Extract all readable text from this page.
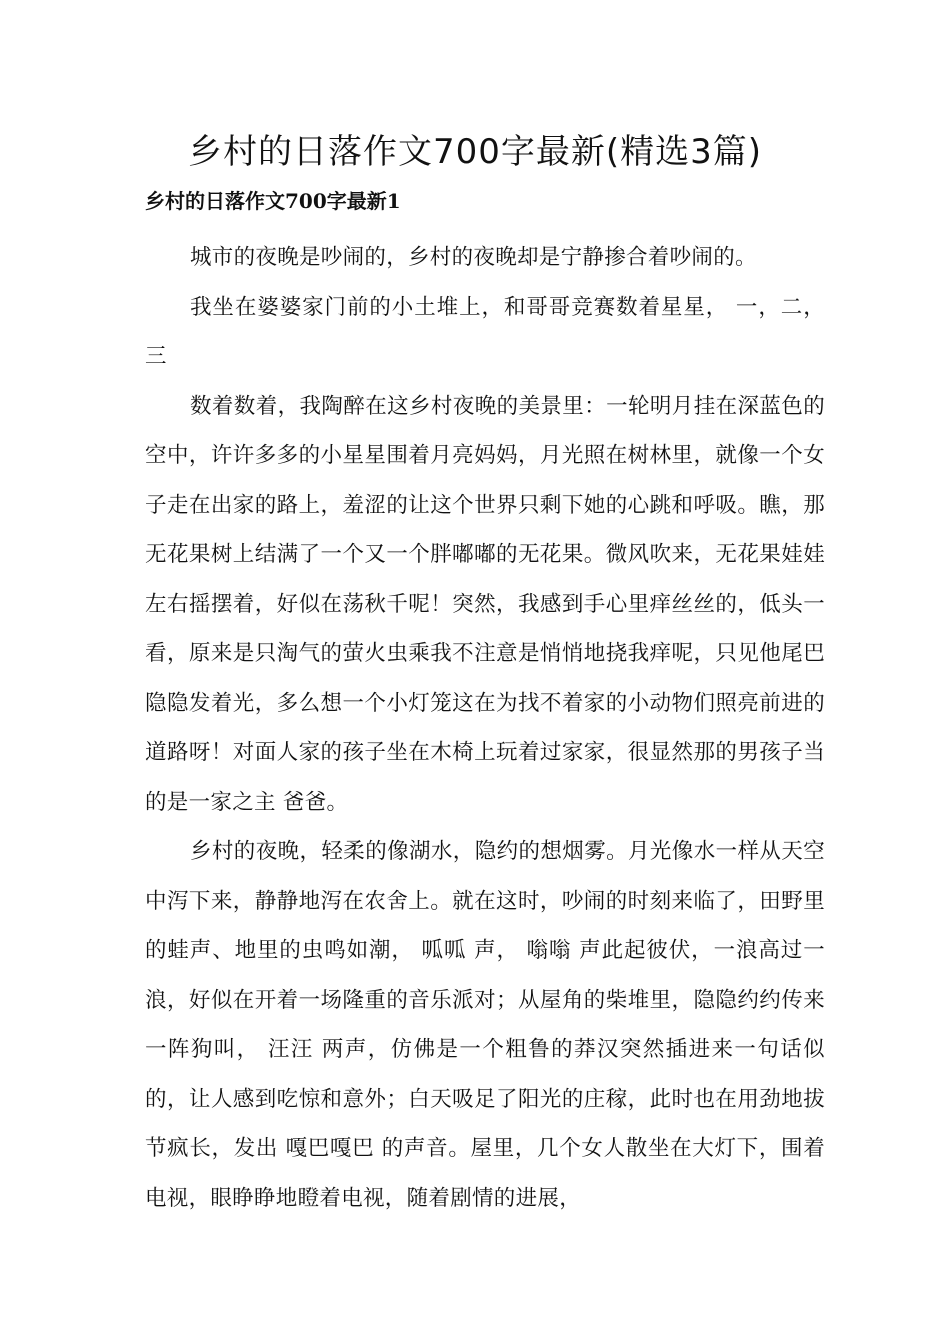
乡村的日落作文700字最新(精选3篇)
乡村的日落作文700字最新1

城市的夜晚是吵闹的，乡村的夜晚却是宁静掺合着吵闹的。

我坐在婆婆家门前的小土堆上，和哥哥竞赛数着星星， 一，二，三

数着数着，我陶醉在这乡村夜晚的美景里：一轮明月挂在深蓝色的空中，许许多多的小星星围着月亮妈妈，月光照在树林里，就像一个女子走在出家的路上，羞涩的让这个世界只剩下她的心跳和呼吸。瞧，那无花果树上结满了一个又一个胖嘟嘟的无花果。微风吹来，无花果娃娃左右摇摆着，好似在荡秋千呢！突然，我感到手心里痒丝丝的，低头一看，原来是只淘气的萤火虫乘我不注意是悄悄地挠我痒呢，只见他尾巴隐隐发着光，多么想一个小灯笼这在为找不着家的小动物们照亮前进的道路呀！对面人家的孩子坐在木椅上玩着过家家，很显然那的男孩子当的是一家之主 爸爸。

乡村的夜晚，轻柔的像湖水，隐约的想烟雾。月光像水一样从天空中泻下来，静静地泻在农舍上。就在这时，吵闹的时刻来临了，田野里的蛙声、地里的虫鸣如潮， 呱呱 声， 嗡嗡 声此起彼伏，一浪高过一浪，好似在开着一场隆重的音乐派对；从屋角的柴堆里，隐隐约约传来一阵狗叫， 汪汪 两声，仿佛是一个粗鲁的莽汉突然插进来一句话似的，让人感到吃惊和意外；白天吸足了阳光的庄稼，此时也在用劲地拔节疯长，发出 嘎巴嘎巴 的声音。屋里，几个女人散坐在大灯下，围着电视，眼睁睁地瞪着电视，随着剧情的进展，
